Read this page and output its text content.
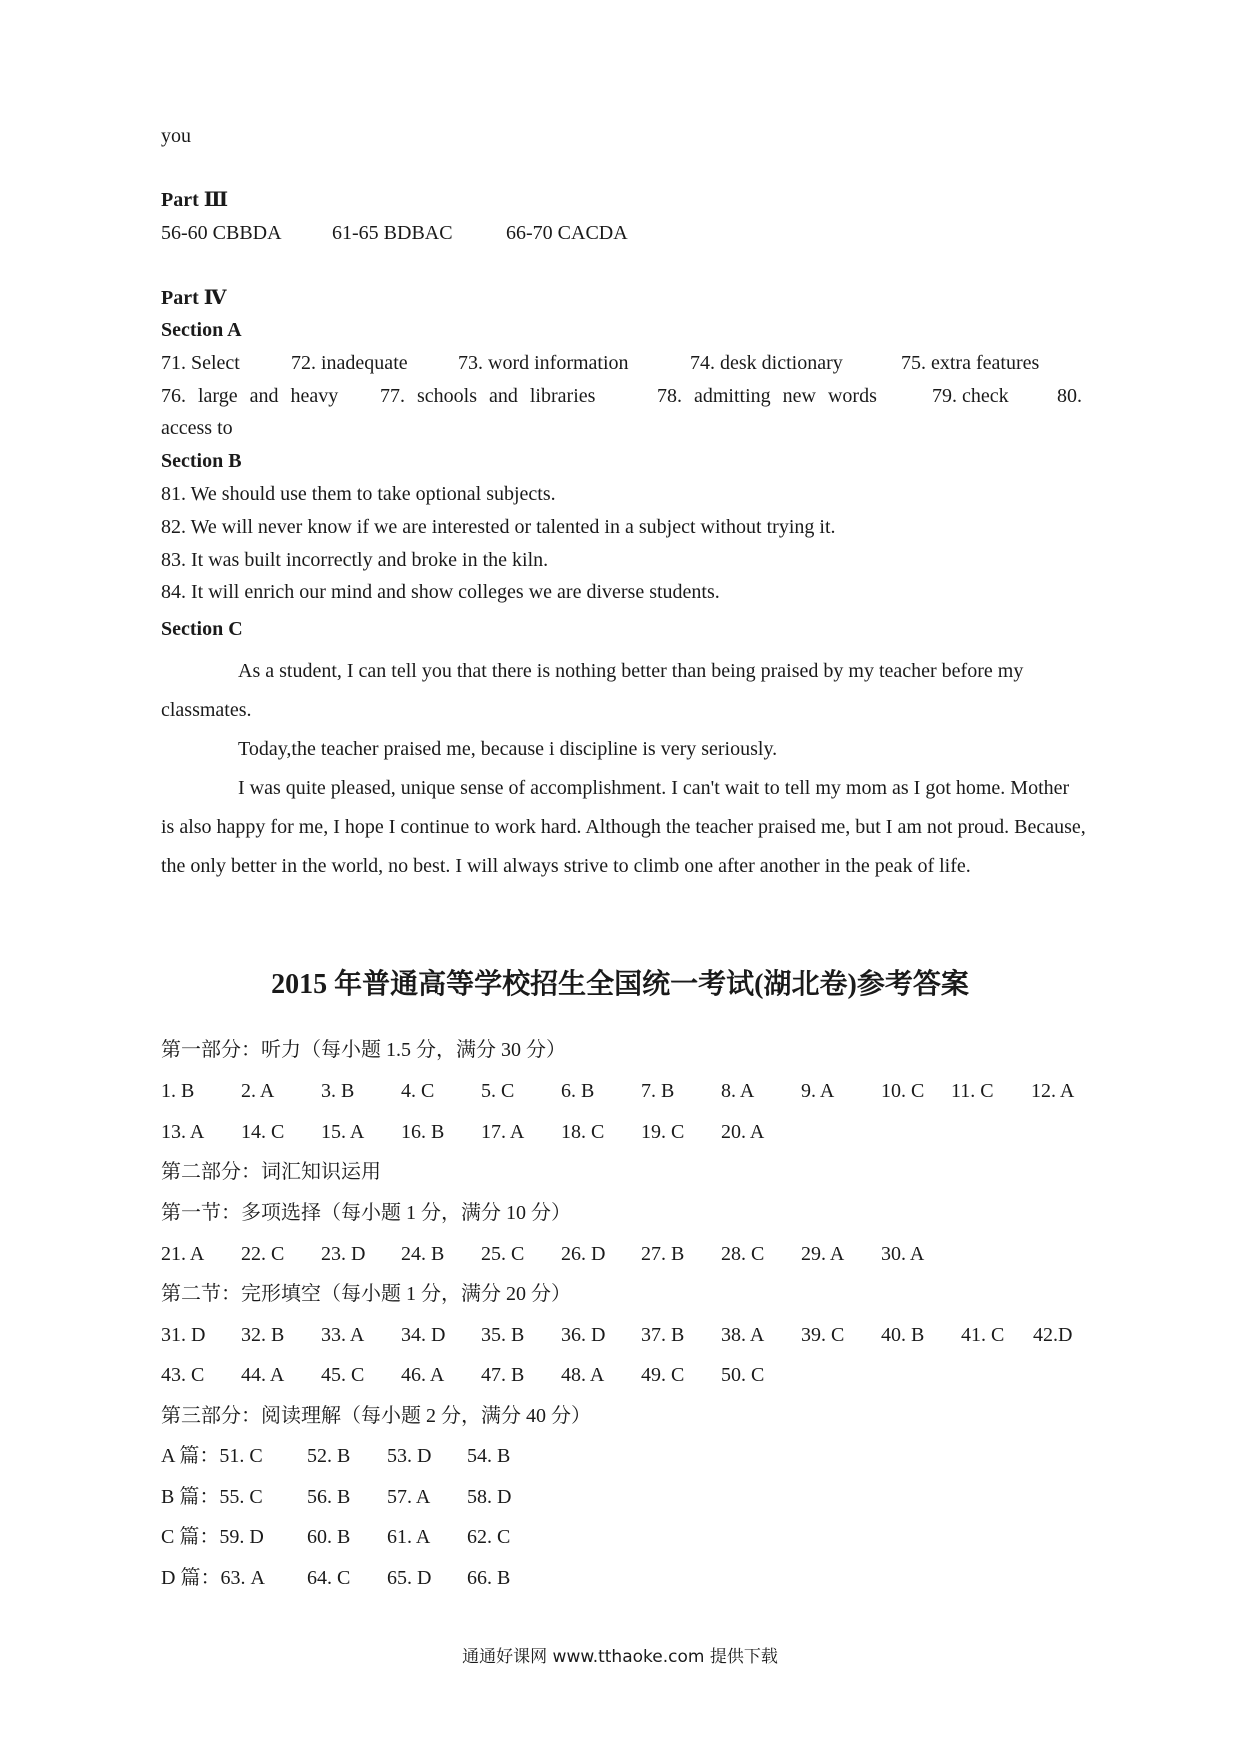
you
Part Ⅲ
56-60 CBBDA	61-65 BDBAC	66-70 CACDA
Part Ⅳ
Section A
71. Select	72. inadequate	73. word information	74. desk dictionary	75. extra features
76. large and heavy 77. schools and libraries	78. admitting new words	79. check 80.
access to
Section B
81. We should use them to take optional subjects.
82. We will never know if we are interested or talented in a subject without trying it.
83. It was built incorrectly and broke in the kiln.
84. It will enrich our mind and show colleges we are diverse students.
Section C
As a student, I can tell you that there is nothing better than being praised by my teacher before my classmates.
Today,the teacher praised me, because i discipline is very seriously.
I was quite pleased, unique sense of accomplishment. I can't wait to tell my mom as I got home. Mother is also happy for me, I hope I continue to work hard. Although the teacher praised me, but I am not proud. Because, the only better in the world, no best. I will always strive to climb one after another in the peak of life.
2015 年普通高等学校招生全国统一考试(湖北卷)参考答案
第一部分：听力（每小题 1.5 分，满分 30 分）
1. B 2. A 3. B 4. C 5. C 6. B 7. B 8. A 9. A 10. C 11. C 12. A
13. A 14. C 15. A 16. B 17. A 18. C 19. C 20. A
第二部分：词汇知识运用
第一节：多项选择（每小题 1 分，满分 10 分）
21. A 22. C 23. D 24. B 25. C 26. D 27. B 28. C 29. A 30. A
第二节：完形填空（每小题 1 分，满分 20 分）
31. D 32. B 33. A 34. D 35. B 36. D 37. B 38. A 39. C 40. B 41. C 42.D
43. C 44. A 45. C 46. A 47. B 48. A 49. C 50. C
第三部分：阅读理解（每小题 2 分，满分 40 分）
A 篇：51. C 52. B 53. D 54. B
B 篇：55. C 56. B 57. A 58. D
C 篇：59. D 60. B 61. A 62. C
D 篇：63. A 64. C 65. D 66. B
通通好课网 www.tthaoke.com 提供下载
